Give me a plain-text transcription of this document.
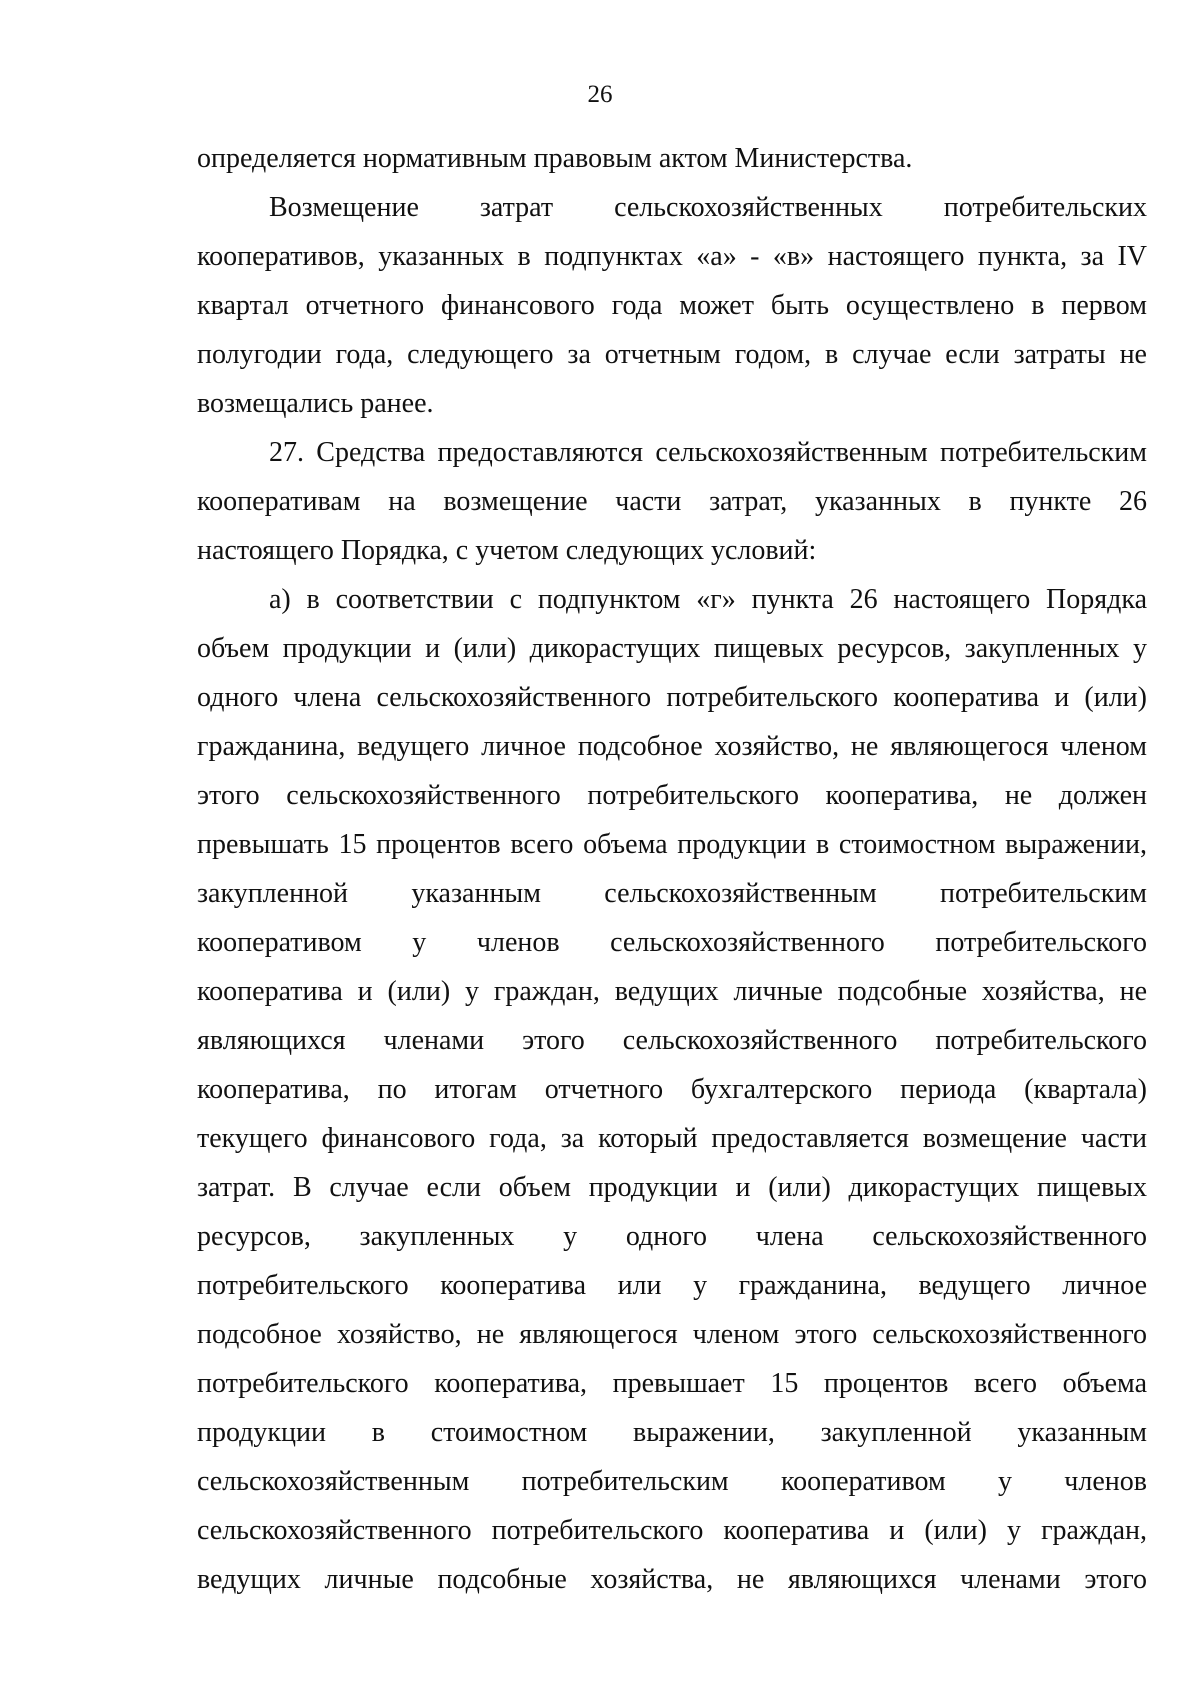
26
определяется нормативным правовым актом Министерства.
Возмещение затрат сельскохозяйственных потребительских
кооперативов, указанных в подпунктах «а» - «в» настоящего пункта, за IV
квартал отчетного финансового года может быть осуществлено в первом
полугодии года, следующего за отчетным годом, в случае если затраты не
возмещались ранее.
27. Средства предоставляются сельскохозяйственным потребительским
кооперативам на возмещение части затрат, указанных в пункте 26
настоящего Порядка, с учетом следующих условий:
а) в соответствии с подпунктом «г» пункта 26 настоящего Порядка
объем продукции и (или) дикорастущих пищевых ресурсов, закупленных у
одного члена сельскохозяйственного потребительского кооператива и (или)
гражданина, ведущего личное подсобное хозяйство, не являющегося членом
этого сельскохозяйственного потребительского кооператива, не должен
превышать 15 процентов всего объема продукции в стоимостном выражении,
закупленной указанным сельскохозяйственным потребительским
кооперативом у членов сельскохозяйственного потребительского
кооператива и (или) у граждан, ведущих личные подсобные хозяйства, не
являющихся членами этого сельскохозяйственного потребительского
кооператива, по итогам отчетного бухгалтерского периода (квартала)
текущего финансового года, за который предоставляется возмещение части
затрат. В случае если объем продукции и (или) дикорастущих пищевых
ресурсов, закупленных у одного члена сельскохозяйственного
потребительского кооператива или у гражданина, ведущего личное
подсобное хозяйство, не являющегося членом этого сельскохозяйственного
потребительского кооператива, превышает 15 процентов всего объема
продукции в стоимостном выражении, закупленной указанным
сельскохозяйственным потребительским кооперативом у членов
сельскохозяйственного потребительского кооператива и (или) у граждан,
ведущих личные подсобные хозяйства, не являющихся членами этого
